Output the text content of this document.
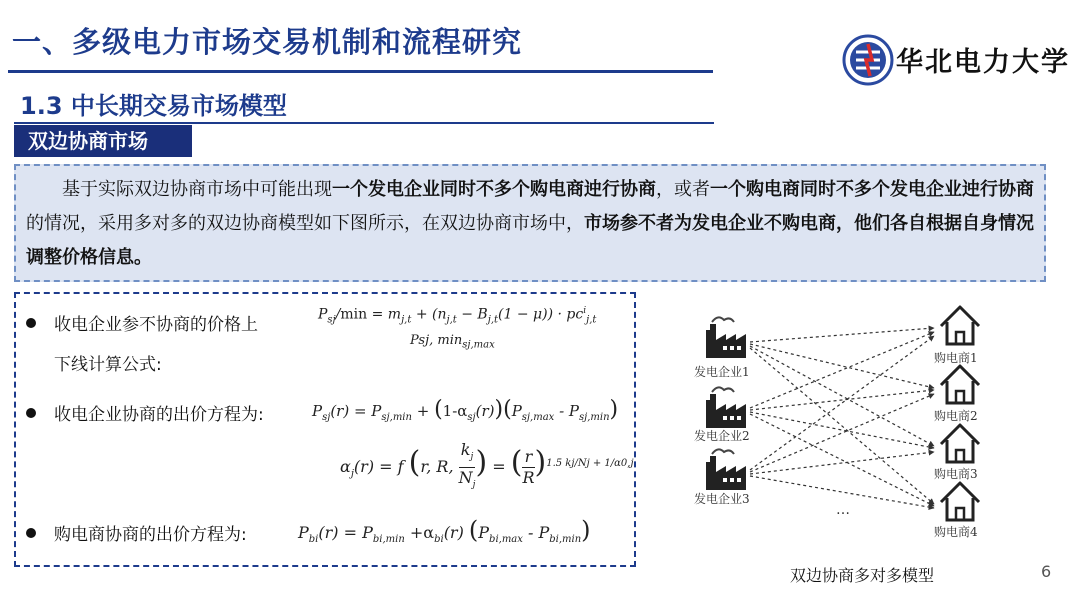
一、多级电力市场交易机制和流程研究
华北电力大学
1.3 中长期交易市场模型
双边协商市场
基于实际双边协商市场中可能出现一个发电企业同时不多个购电商迚行协商，或者一个购电商同时不多个发电企业迚行协商的情况，采用多对多的双边协商模型如下图所示，在双边协商市场中，市场参不者为发电企业不购电商，他们各自根据自身情况调整价格信息。
收电企业参不协商的价格上
下线计算公式:
$P_{sj}/\min = m_{j,t} + (n_{j,t} - B_{j,t}(1 - \mu)) \cdot pc^i_{j,t}$
Psj, $\min_{sj,max}$
收电企业协商的出价方程为:	$P_{sj}(r) = P_{sj,min} + (1-\alpha_{sj}(r))(P_{sj,max} - P_{sj,min})$
$\alpha_j(r) = f$ (r, R, $\frac{k_j}{N_j}$ ) = ( $\frac{r}{R} )^{1.5 kj/Nj + 1/\alpha 0,j}$
购电商协商的出价方程为:	$P_{bi}(r) = P_{bi,min} +\alpha_{bi}(r)$ $(P_{bi,max} - P_{bi,min})$
发电企业1
发电企业2
发电企业3
…
购电商1
购电商2
购电商3
购电商4
双边协商多对多模型	6
